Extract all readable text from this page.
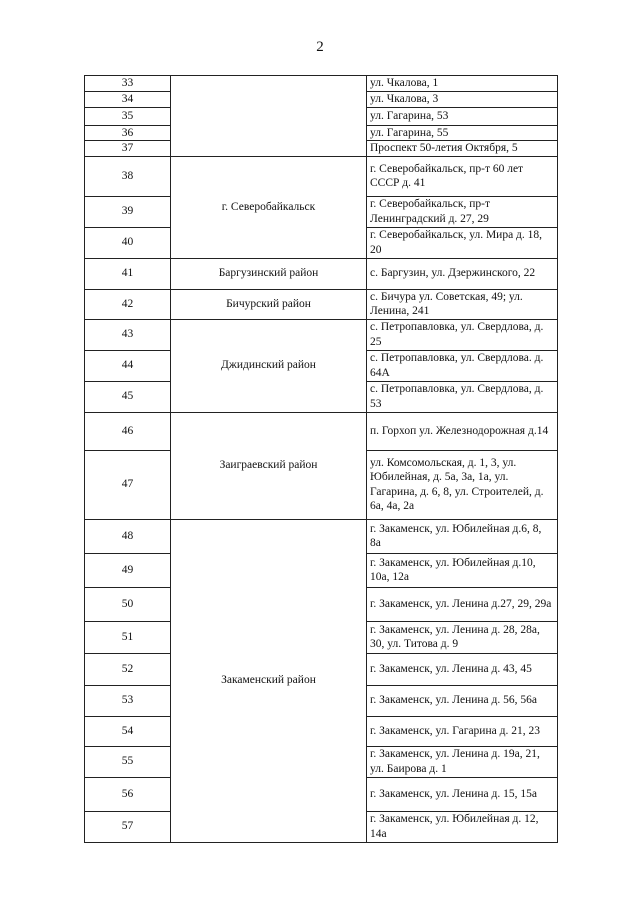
2
33		ул. Чкалова, 1
34		ул. Чкалова, 3
35		ул. Гагарина, 53
36		ул. Гагарина, 55
37		Проспект 50-летия Октября, 5
38	г. Северобайкальск	г. Северобайкальск, пр-т 60 лет СССР д. 41
39		г. Северобайкальск, пр-т Ленинградский д. 27, 29
40		г. Северобайкальск, ул. Мира д. 18, 20
41	Баргузинский район	с. Баргузин, ул. Дзержинского, 22
42	Бичурский район	с. Бичура ул. Советская, 49; ул. Ленина, 241
43	Джидинский район	с. Петропавловка, ул. Свердлова, д. 25
44		с. Петропавловка, ул. Свердлова. д. 64А
45		с. Петропавловка, ул. Свердлова, д. 53
46	Заиграевский район	п. Горхоп ул. Железнодорожная д.14
47		ул. Комсомольская, д. 1, 3, ул. Юбилейная, д. 5а, 3а, 1а, ул. Гагарина, д. 6, 8, ул. Строителей, д. 6а, 4а, 2а
48	Закаменский район	г. Закаменск, ул. Юбилейная д.6, 8, 8а
49		г. Закаменск, ул. Юбилейная д.10, 10а, 12а
50		г. Закаменск, ул. Ленина д.27, 29, 29а
51		г. Закаменск, ул. Ленина д. 28, 28а, 30, ул. Титова д. 9
52		г. Закаменск, ул. Ленина д. 43, 45
53		г. Закаменск, ул. Ленина д. 56, 56а
54		г. Закаменск, ул. Гагарина д. 21, 23
55		г. Закаменск, ул. Ленина д. 19а, 21, ул. Баирова д. 1
56		г. Закаменск, ул. Ленина д. 15, 15а
57		г. Закаменск, ул. Юбилейная д. 12, 14а
